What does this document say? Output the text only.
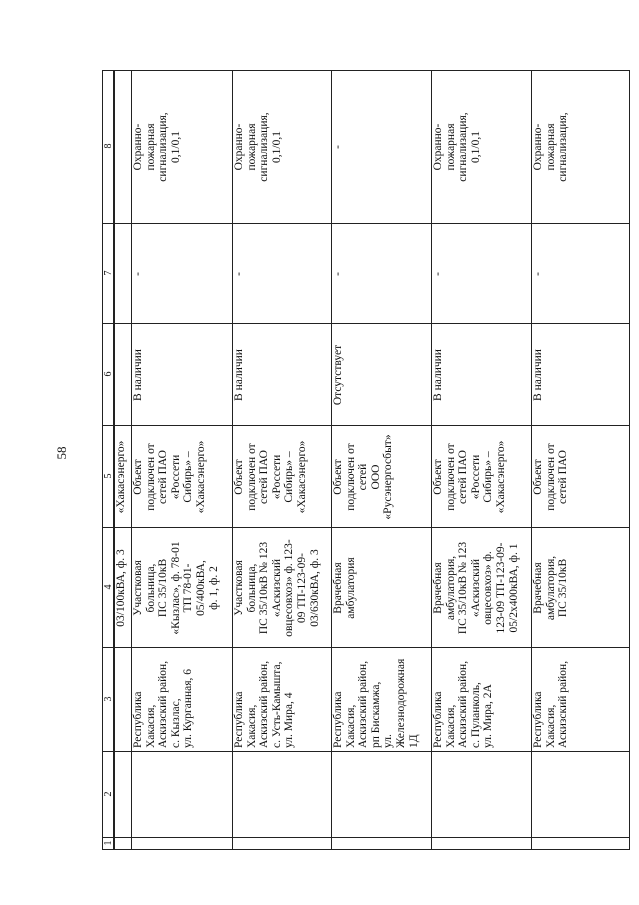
58
1
2
3
4
5
6
7
8
03/100кВА, ф. 3
«Хакасэнерго»
Республика Хакасия,
Аскизский район,
с. Кызлас,
ул. Курганная, 6
Участковая
больница,
ПС 35/10кВ
«Кызлас», ф. 78-01
ТП 78-01-
05/400кВА,
ф. 1, ф. 2
Объект
подключен от
сетей ПАО
«Россети
Сибирь» –
«Хакасэнерго»
В наличии
-
Охранно-
пожарная
сигнализация,
0,1/0,1
Республика
Хакасия,
Аскизский район,
с. Усть-Камышта,
ул. Мира, 4
Участковая
больница,
ПС 35/10кВ № 123
«Аскизский
овцесовхоз» ф. 123-
09 ТП-123-09-
03/630кВА, ф. 3
Объект
подключен от
сетей ПАО
«Россети
Сибирь» –
«Хакасэнерго»
В наличии
-
Охранно-
пожарная
сигнализация,
0,1/0,1
Республика
Хакасия,
Аскизский район,
рп Бискамжа,
ул.
Железнодорожная
1Д
Врачебная
амбулатория
Объект
подключен от
сетей
ООО
«Русэнергосбыт»
Отсутствует
-
-
Республика
Хакасия,
Аскизский район,
с. Пуланколь,
ул. Мира, 2А
Врачебная
амбулатория,
ПС 35/10кВ № 123
«Аскизский
овцесовхоз» ф.
123-09 ТП-123-09-
05/2х400кВА, ф. 1
Объект
подключен от
сетей ПАО
«Россети
Сибирь» –
«Хакасэнерго»
В наличии
-
Охранно-
пожарная
сигнализация,
0,1/0,1
Республика
Хакасия,
Аскизский район,
Врачебная
амбулатория,
ПС 35/10кВ
Объект
подключен от
сетей ПАО
В наличии
-
Охранно-
пожарная
сигнализация,
